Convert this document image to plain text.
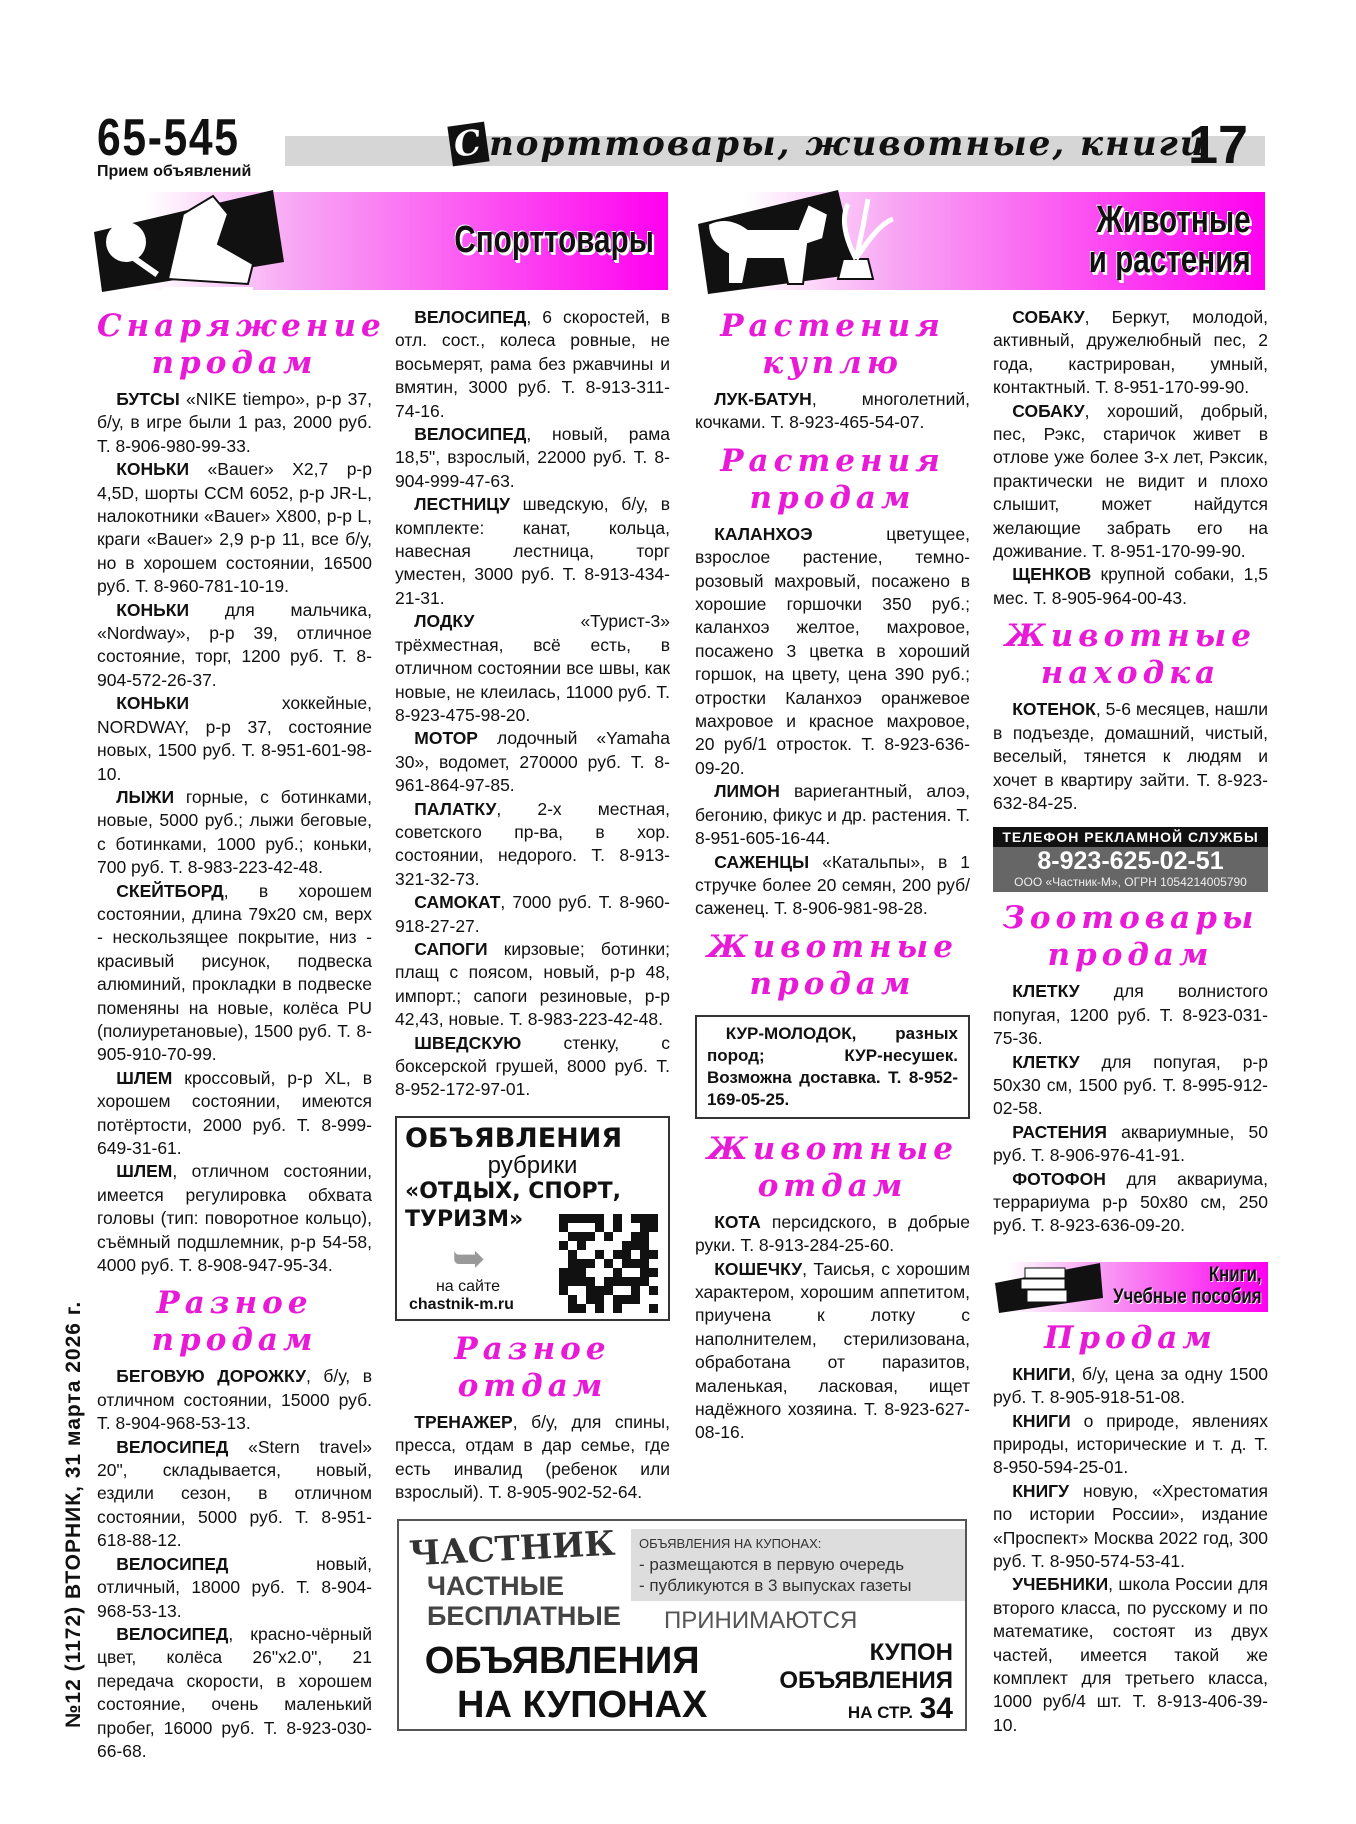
65-545
Прием объявлений
Спорттовары, животные, книги
17
Спорттовары	Животные
и растения
№12 (1172) ВТОРНИК, 31 марта 2026 г.
Снаряжение
продам
БУТСЫ «NIKE tiempo», р-р 37, б/у, в игре были 1 раз, 2000 руб. Т. 8-906-980-99-33.
КОНЬКИ «Bauer» X2,7 р-р 4,5D, шорты CCM 6052, р-р JR-L, налокотники «Bauer» X800, р-р L, краги «Bauer» 2,9 р-р 11, все б/у, но в хорошем состоянии, 16500 руб. Т. 8-960-781-10-19.
КОНЬКИ для мальчика, «Nordway», р-р 39, отличное состояние, торг, 1200 руб. Т. 8-904-572-26-37.
КОНЬКИ хоккейные, NORDWAY, р-р 37, состояние новых, 1500 руб. Т. 8-951-601-98-10.
ЛЫЖИ горные, с ботинками, новые, 5000 руб.; лыжи беговые, с ботинками, 1000 руб.; коньки, 700 руб. Т. 8-983-223-42-48.
СКЕЙТБОРД, в хорошем состоянии, длина 79х20 см, верх - нескользящее покрытие, низ - красивый рисунок, подвеска алюминий, прокладки в подвеске поменяны на новые, колёса PU (полиуретановые), 1500 руб. Т. 8-905-910-70-99.
ШЛЕМ кроссовый, р-р XL, в хорошем состоянии, имеются потёртости, 2000 руб. Т. 8-999-649-31-61.
ШЛЕМ, отличном состоянии, имеется регулировка обхвата головы (тип: поворотное кольцо), съёмный подшлемник, р-р 54-58, 4000 руб. Т. 8-908-947-95-34.
Разное
продам
БЕГОВУЮ ДОРОЖКУ, б/у, в отличном состоянии, 15000 руб. Т. 8-904-968-53-13.
ВЕЛОСИПЕД «Stern travel» 20", складывается, новый, ездили сезон, в отличном состоянии, 5000 руб. Т. 8-951-618-88-12.
ВЕЛОСИПЕД новый, отличный, 18000 руб. Т. 8-904-968-53-13.
ВЕЛОСИПЕД, красно-чёрный цвет, колёса 26"х2.0", 21 передача скорости, в хорошем состояние, очень маленький пробег, 16000 руб. Т. 8-923-030-66-68.
ВЕЛОСИПЕД, 6 скоростей, в отл. сост., колеса ровные, не восьмерят, рама без ржавчины и вмятин, 3000 руб. Т. 8-913-311-74-16.
ВЕЛОСИПЕД, новый, рама 18,5", взрослый, 22000 руб. Т. 8-904-999-47-63.
ЛЕСТНИЦУ шведскую, б/у, в комплекте: канат, кольца, навесная лестница, торг уместен, 3000 руб. Т. 8-913-434-21-31.
ЛОДКУ «Турист-3» трёхместная, всё есть, в отличном состоянии все швы, как новые, не клеилась, 11000 руб. Т. 8-923-475-98-20.
МОТОР лодочный «Yamaha 30», водомет, 270000 руб. Т. 8-961-864-97-85.
ПАЛАТКУ, 2-х местная, советского пр-ва, в хор. состоянии, недорого. Т. 8-913-321-32-73.
САМОКАТ, 7000 руб. Т. 8-960-918-27-27.
САПОГИ кирзовые; ботинки; плащ с поясом, новый, р-р 48, импорт.; сапоги резиновые, р-р 42,43, новые. Т. 8-983-223-42-48.
ШВЕДСКУЮ стенку, с боксерской грушей, 8000 руб. Т. 8-952-172-97-01.
ОБЪЯВЛЕНИЯ
рубрики
«ОТДЫХ, СПОРТ, ТУРИЗМ»
на сайте
chastnik-m.ru
➥
Разное отдам
ТРЕНАЖЕР, б/у, для спины, пресса, отдам в дар семье, где есть инвалид (ребенок или взрослый). Т. 8-905-902-52-64.
Растения
куплю
ЛУК-БАТУН, многолетний, кочками. Т. 8-923-465-54-07.
Растения
продам
КАЛАНХОЭ цветущее, взрослое растение, темно-розовый махровый, посажено в хорошие горшочки 350 руб.; каланхоэ желтое, махровое, посажено 3 цветка в хороший горшок, на цвету, цена 390 руб.; отростки Каланхоэ оранжевое махровое и красное махровое, 20 руб/1 отросток. Т. 8-923-636-09-20.
ЛИМОН вариегантный, алоэ, бегонию, фикус и др. растения. Т. 8-951-605-16-44.
САЖЕНЦЫ «Катальпы», в 1 стручке более 20 семян, 200 руб/саженец. Т. 8-906-981-98-28.
Животные
продам
КУР-МОЛОДОК, разных пород; КУР-несушек. Возможна доставка. Т. 8-952-169-05-25.
Животные
отдам
КОТА персидского, в добрые руки. Т. 8-913-284-25-60.
КОШЕЧКУ, Таисья, с хорошим характером, хорошим аппетитом, приучена к лотку с наполнителем, стерилизована, обработана от паразитов, маленькая, ласковая, ищет надёжного хозяина. Т. 8-923-627-08-16.
СОБАКУ, Беркут, молодой, активный, дружелюбный пес, 2 года, кастрирован, умный, контактный. Т. 8-951-170-99-90.
СОБАКУ, хороший, добрый, пес, Рэкс, старичок живет в отлове уже более 3-х лет, Рэксик, практически не видит и плохо слышит, может найдутся желающие забрать его на доживание. Т. 8-951-170-99-90.
ЩЕНКОВ крупной собаки, 1,5 мес. Т. 8-905-964-00-43.
Животные
находка
КОТЕНОК, 5-6 месяцев, нашли в подъезде, домашний, чистый, веселый, тянется к людям и хочет в квартиру зайти. Т. 8-923-632-84-25.
ТЕЛЕФОН РЕКЛАМНОЙ СЛУЖБЫ
8-923-625-02-51
ООО «Частник-М», ОГРН 1054214005790
Зоотовары
продам
КЛЕТКУ для волнистого попугая, 1200 руб. Т. 8-923-031-75-36.
КЛЕТКУ для попугая, р-р 50х30 см, 1500 руб. Т. 8-995-912-02-58.
РАСТЕНИЯ аквариумные, 50 руб. Т. 8-906-976-41-91.
ФОТОФОН для аквариума, террариума р-р 50х80 см, 250 руб. Т. 8-923-636-09-20.
Книги,
Учебные пособия
Продам
КНИГИ, б/у, цена за одну 1500 руб. Т. 8-905-918-51-08.
КНИГИ о природе, явлениях природы, исторические и т. д. Т. 8-950-594-25-01.
КНИГУ новую, «Хрестоматия по истории России», издание «Проспект» Москва 2022 год, 300 руб. Т. 8-950-574-53-41.
УЧЕБНИКИ, школа России для второго класса, по русскому и по математике, состоят из двух частей, имеется такой же комплект для третьего класса, 1000 руб/4 шт. Т. 8-913-406-39-10.
ЧАСТНИК
ЧАСТНЫЕ
БЕСПЛАТНЫЕ
ОБЪЯВЛЕНИЯ НА КУПОНАХ:
- размещаются в первую очередь
- публикуются в 3 выпусках газеты
ПРИНИМАЮТСЯ
ОБЪЯВЛЕНИЯ
НА КУПОНАХ
КУПОН
ОБЪЯВЛЕНИЯ
НА СТР. 34
